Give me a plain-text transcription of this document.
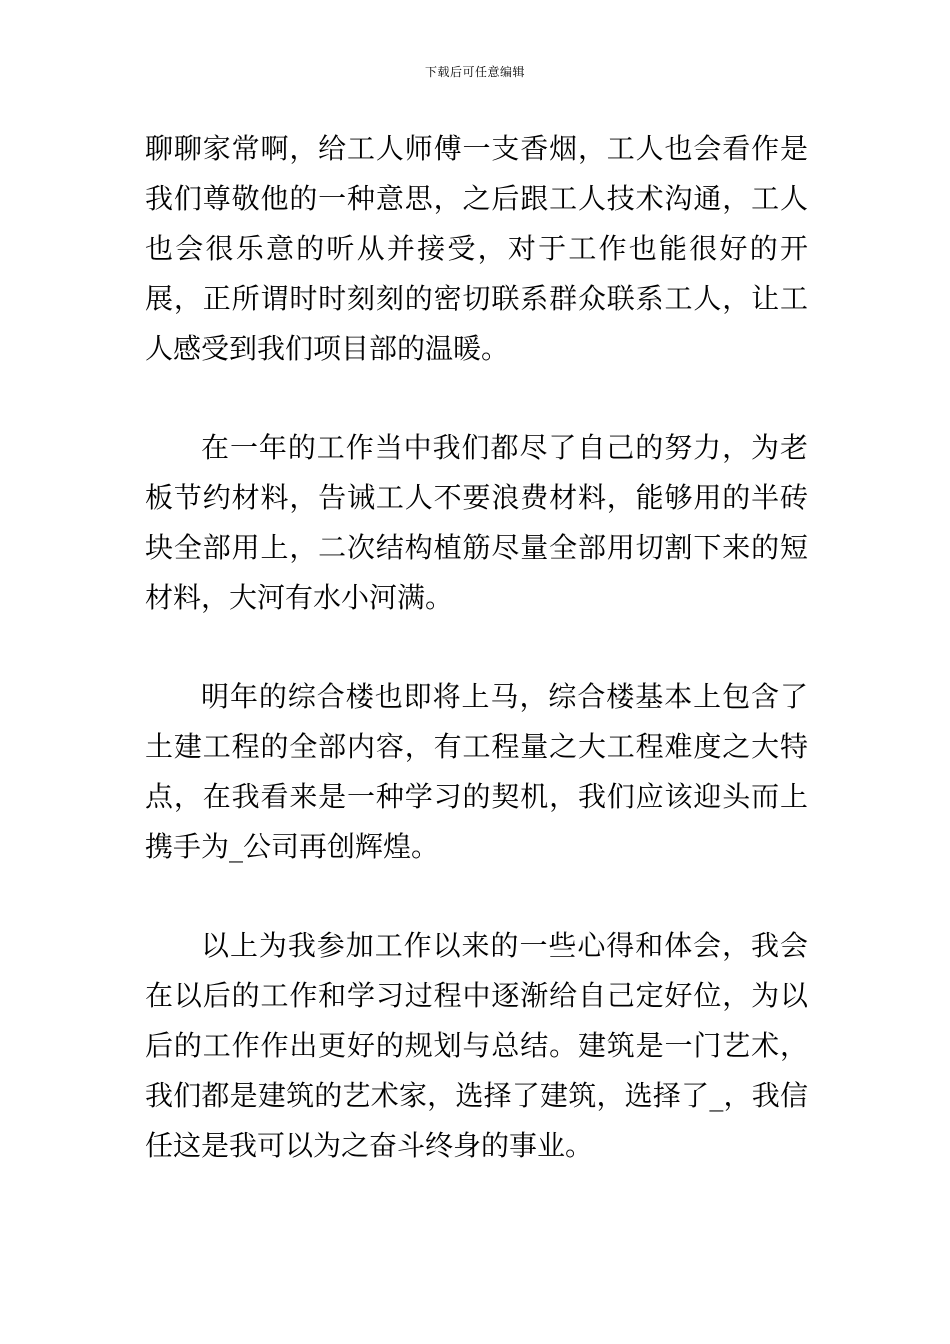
下载后可任意编辑

聊聊家常啊，给工人师傅一支香烟，工人也会看作是我们尊敬他的一种意思，之后跟工人技术沟通，工人也会很乐意的听从并接受，对于工作也能很好的开展，正所谓时时刻刻的密切联系群众联系工人，让工人感受到我们项目部的温暖。

在一年的工作当中我们都尽了自己的努力，为老板节约材料，告诫工人不要浪费材料，能够用的半砖块全部用上，二次结构植筋尽量全部用切割下来的短材料，大河有水小河满。

明年的综合楼也即将上马，综合楼基本上包含了土建工程的全部内容，有工程量之大工程难度之大特点，在我看来是一种学习的契机，我们应该迎头而上携手为_公司再创辉煌。

以上为我参加工作以来的一些心得和体会，我会在以后的工作和学习过程中逐渐给自己定好位，为以后的工作作出更好的规划与总结。建筑是一门艺术，我们都是建筑的艺术家，选择了建筑，选择了_，我信任这是我可以为之奋斗终身的事业。
